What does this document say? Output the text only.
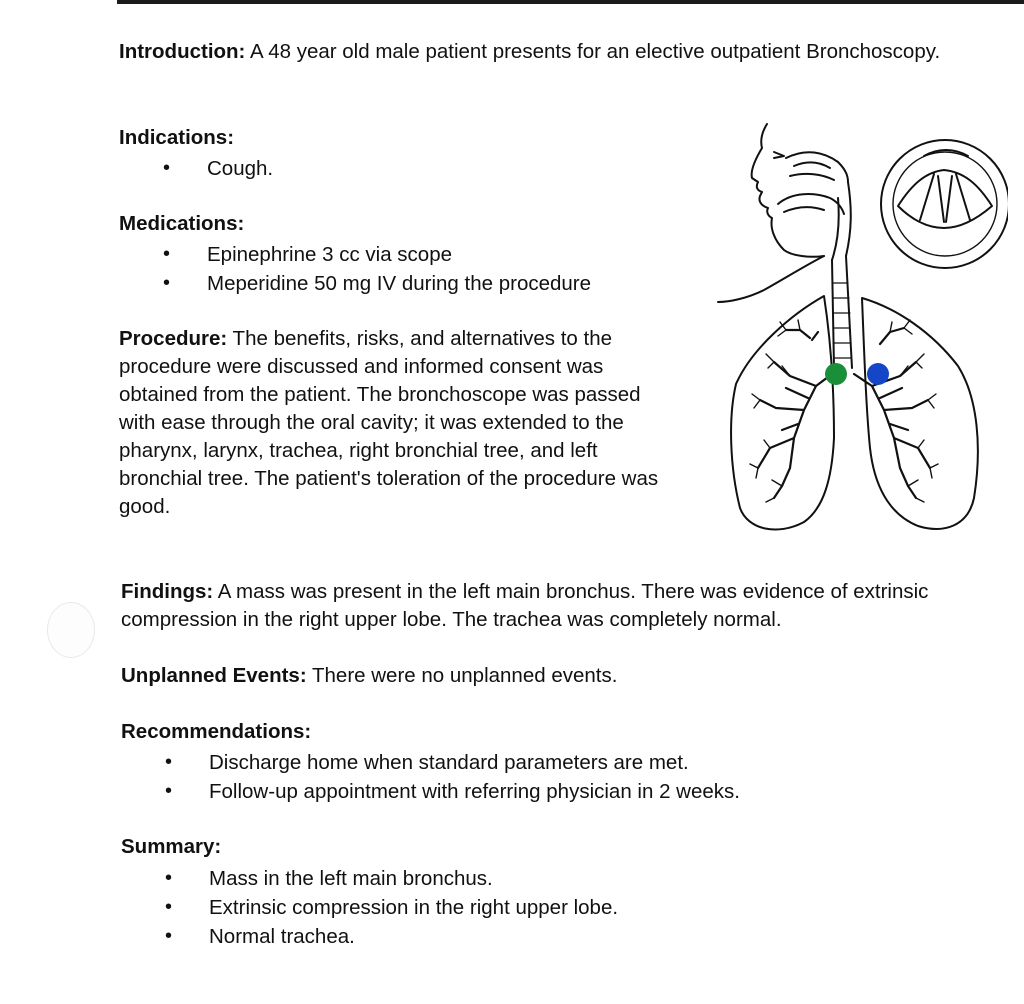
Introduction: A 48 year old male patient presents for an elective outpatient Bronchoscopy.

Indications:
• Cough.
Medications:
• Epinephrine 3 cc via scope
• Meperidine 50 mg IV during the procedure

Procedure: The benefits, risks, and alternatives to the procedure were discussed and informed consent was obtained from the patient. The bronchoscope was passed with ease through the oral cavity; it was extended to the pharynx, larynx, trachea, right bronchial tree, and left bronchial tree. The patient's toleration of the procedure was good.

Findings: A mass was present in the left main bronchus. There was evidence of extrinsic compression in the right upper lobe. The trachea was completely normal.

Unplanned Events: There were no unplanned events.

Recommendations:
• Discharge home when standard parameters are met.
• Follow-up appointment with referring physician in 2 weeks.
Summary:
• Mass in the left main bronchus.
• Extrinsic compression in the right upper lobe.
• Normal trachea.
